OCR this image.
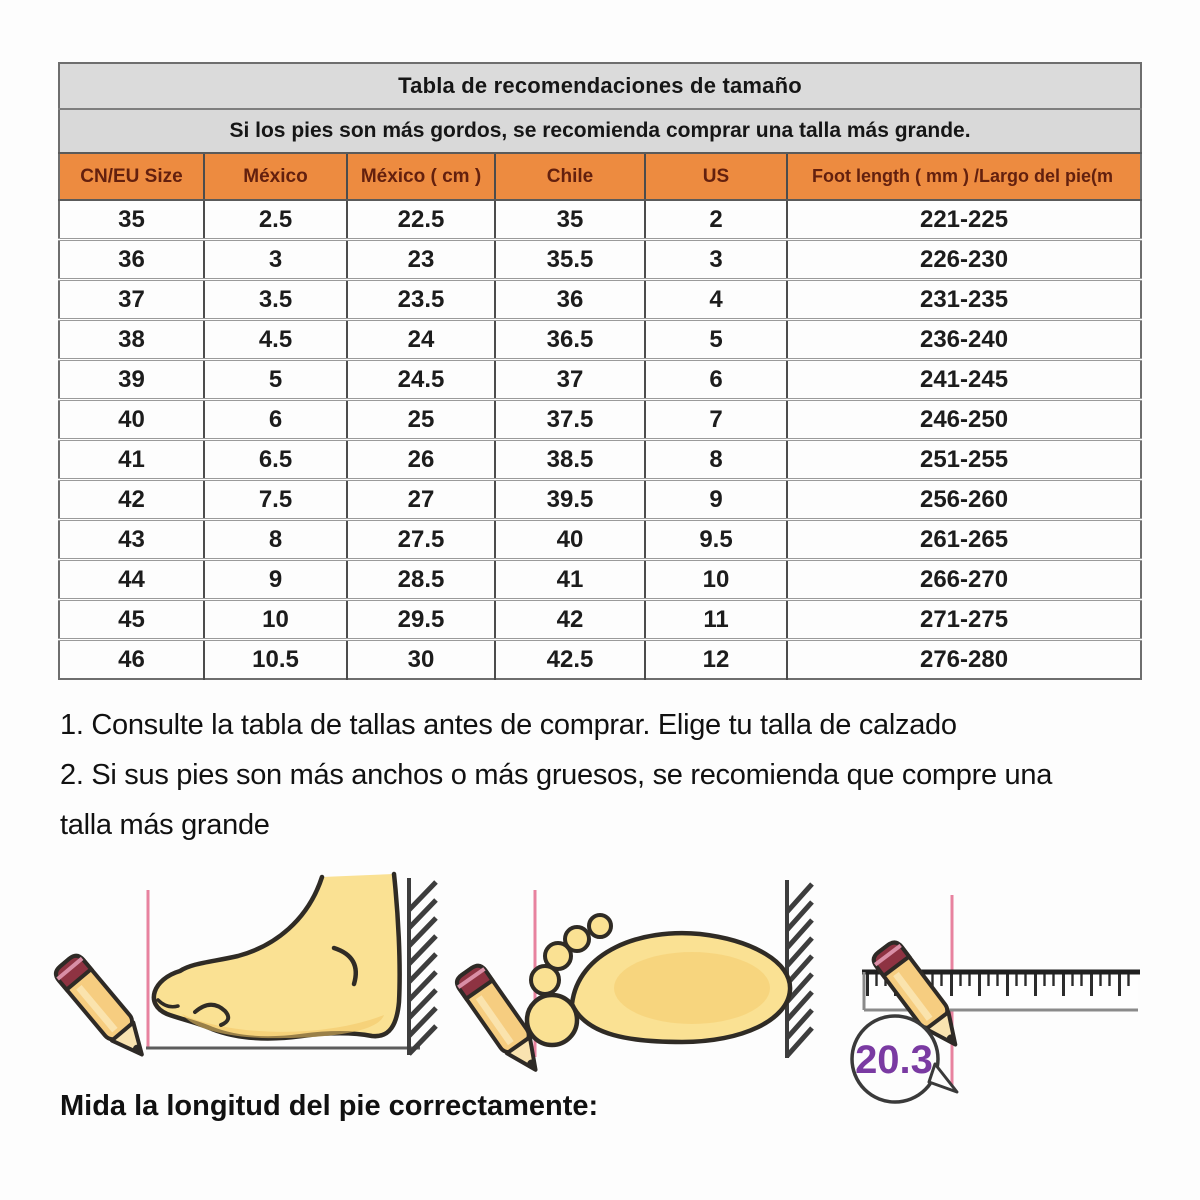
Tabla de recomendaciones de tamaño					
Si los pies son más gordos, se recomienda comprar una talla más grande.					
CN/EU Size	México	México ( cm )	Chile	US	Foot length ( mm ) /Largo del pie(m
35	2.5	22.5	35	2	221-225
36	3	23	35.5	3	226-230
37	3.5	23.5	36	4	231-235
38	4.5	24	36.5	5	236-240
39	5	24.5	37	6	241-245
40	6	25	37.5	7	246-250
41	6.5	26	38.5	8	251-255
42	7.5	27	39.5	9	256-260
43	8	27.5	40	9.5	261-265
44	9	28.5	41	10	266-270
45	10	29.5	42	11	271-275
46	10.5	30	42.5	12	276-280
1. Consulte la tabla de tallas antes de comprar. Elige tu talla de calzado
2. Si sus pies son más anchos o más gruesos, se recomienda que compre una
talla más grande
20.3
Mida la longitud del pie correctamente:
